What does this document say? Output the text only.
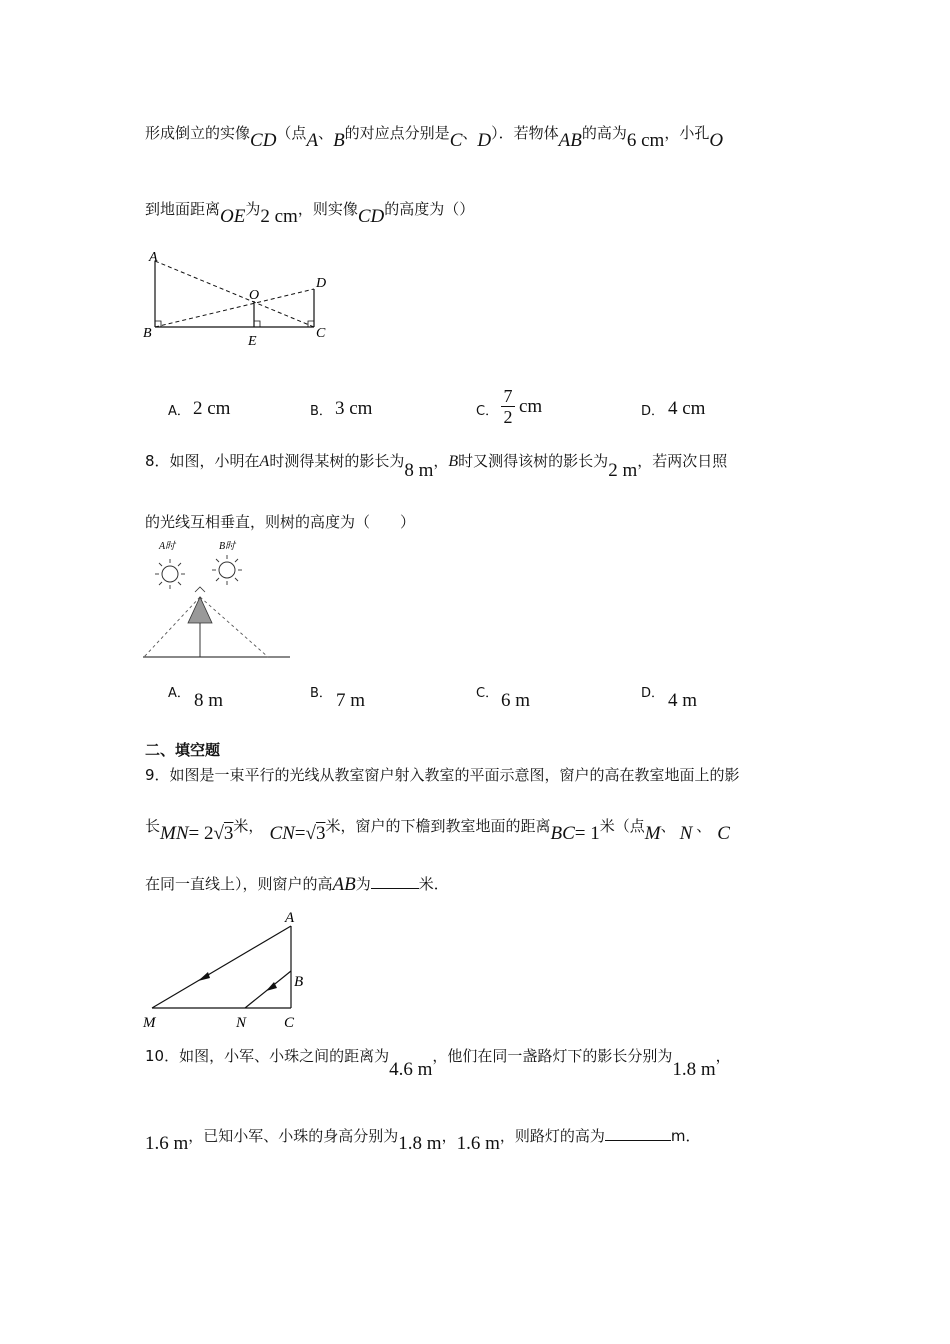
形成倒立的实像CD（点A、B的对应点分别是C、D）．若物体AB的高为6 cm，小孔O
到地面距离OE为2 cm，则实像CD的高度为（）
A
B	C
D
E
O
A． 2 cm	B． 3 cm	C． $\frac{7}{2}$ cm	D． 4 cm
8．如图，小明在A时测得某树的影长为8 m，B时又测得该树的影长为2 m，若两次日照
的光线互相垂直，则树的高度为（　　）
A时	B时
A． 8 m	B． 7 m	C． 6 m	D． 4 m
二、填空题
9．如图是一束平行的光线从教室窗户射入教室的平面示意图，窗户的高在教室地面上的影
长MN= 2√3米， CN=√3米，窗户的下檐到教室地面的距离BC= 1米（点M、 N 、 C
在同一直线上），则窗户的高AB为	米．
A
B
C
M	N
10．如图，小军、小珠之间的距离为4.6 m，他们在同一盏路灯下的影长分别为1.8 m，
1.6 m，已知小军、小珠的身高分别为1.8 m，1.6 m，则路灯的高为	m．
